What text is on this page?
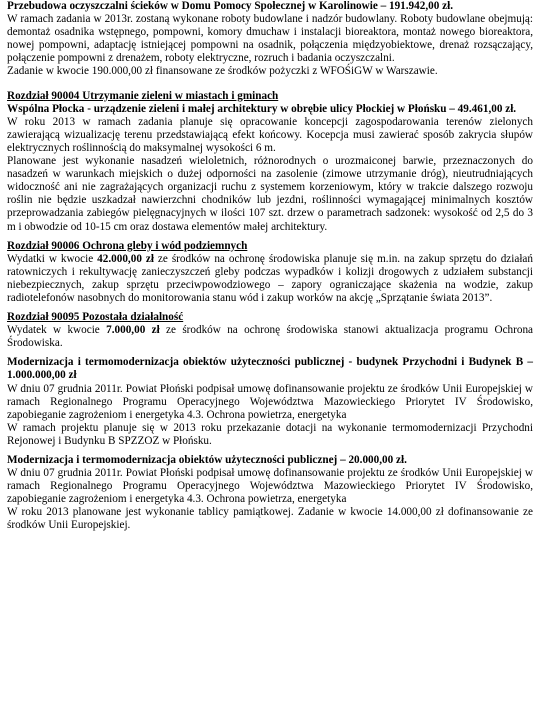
Przebudowa oczyszczalni ścieków w Domu Pomocy Społecznej w Karolinowie – 191.942,00 zł.

W ramach zadania w 2013r. zostaną wykonane roboty budowlane i nadzór budowlany. Roboty budowlane obejmują: demontaż osadnika wstępnego, pompowni, komory dmuchaw i instalacji bioreaktora, montaż nowego bioreaktora, nowej pompowni, adaptację istniejącej pompowni na osadnik, połączenia międzyobiektowe, drenaż rozsączający, połączenie pompowni z drenażem, roboty elektryczne, rozruch i badania oczyszczalni.

Zadanie w kwocie 190.000,00 zł finansowane ze środków pożyczki z WFOŚiGW w Warszawie.

Rozdział 90004 Utrzymanie zieleni w miastach i gminach

Wspólna Płocka - urządzenie zieleni i małej architektury w obrębie ulicy Płockiej w Płońsku – 49.461,00 zł.

W roku 2013 w ramach zadania planuje się opracowanie koncepcji zagospodarowania terenów zielonych zawierającą wizualizację terenu przedstawiającą efekt końcowy. Kocepcja musi zawierać sposób zakrycia słupów elektrycznych roślinnością do maksymalnej wysokości 6 m.

Planowane jest wykonanie nasadzeń wieloletnich, różnorodnych o urozmaiconej barwie, przeznaczonych do nasadzeń w warunkach miejskich o dużej odporności na zasolenie (zimowe utrzymanie dróg), nieutrudniających widoczność ani nie zagrażających organizacji ruchu z systemem korzeniowym, który w trakcie dalszego rozwoju roślin nie będzie uszkadzał nawierzchni chodników lub jezdni, roślinności wymagającej minimalnych kosztów przeprowadzania zabiegów pielęgnacyjnych w ilości 107 szt. drzew o parametrach sadzonek: wysokość od 2,5 do 3 m i obwodzie od 10-15 cm oraz dostawa elementów małej architektury.

Rozdział 90006 Ochrona gleby i wód podziemnych

Wydatki w kwocie 42.000,00 zł ze środków na ochronę środowiska planuje się m.in. na zakup sprzętu do działań ratowniczych i rekultywację zanieczyszczeń gleby podczas wypadków i kolizji drogowych z udziałem substancji niebezpiecznych, zakup sprzętu przeciwpowodziowego – zapory ograniczające skażenia na wodzie, zakup radiotelefonów nasobnych do monitorowania stanu wód i zakup worków na akcję „Sprzątanie świata 2013”.

Rozdział 90095 Pozostała działalność

Wydatek w kwocie 7.000,00 zł ze środków na ochronę środowiska stanowi aktualizacja programu Ochrona Środowiska.

Modernizacja i termomodernizacja obiektów użyteczności publicznej - budynek Przychodni i Budynek B – 1.000.000,00 zł

W dniu 07 grudnia 2011r. Powiat Płoński podpisał umowę dofinansowanie projektu ze środków Unii Europejskiej w ramach Regionalnego Programu Operacyjnego Województwa Mazowieckiego Priorytet IV Środowisko, zapobieganie zagrożeniom i energetyka 4.3. Ochrona powietrza, energetyka

W ramach projektu planuje się w 2013 roku przekazanie dotacji na wykonanie termomodernizacji Przychodni Rejonowej i Budynku B SPZZOZ w Płońsku.

Modernizacja i termomodernizacja obiektów użyteczności publicznej – 20.000,00 zł.

W dniu 07 grudnia 2011r. Powiat Płoński podpisał umowę dofinansowanie projektu ze środków Unii Europejskiej w ramach Regionalnego Programu Operacyjnego Województwa Mazowieckiego Priorytet IV Środowisko, zapobieganie zagrożeniom i energetyka 4.3. Ochrona powietrza, energetyka

W roku 2013 planowane jest wykonanie tablicy pamiątkowej. Zadanie w kwocie 14.000,00 zł dofinansowanie ze środków Unii Europejskiej.
